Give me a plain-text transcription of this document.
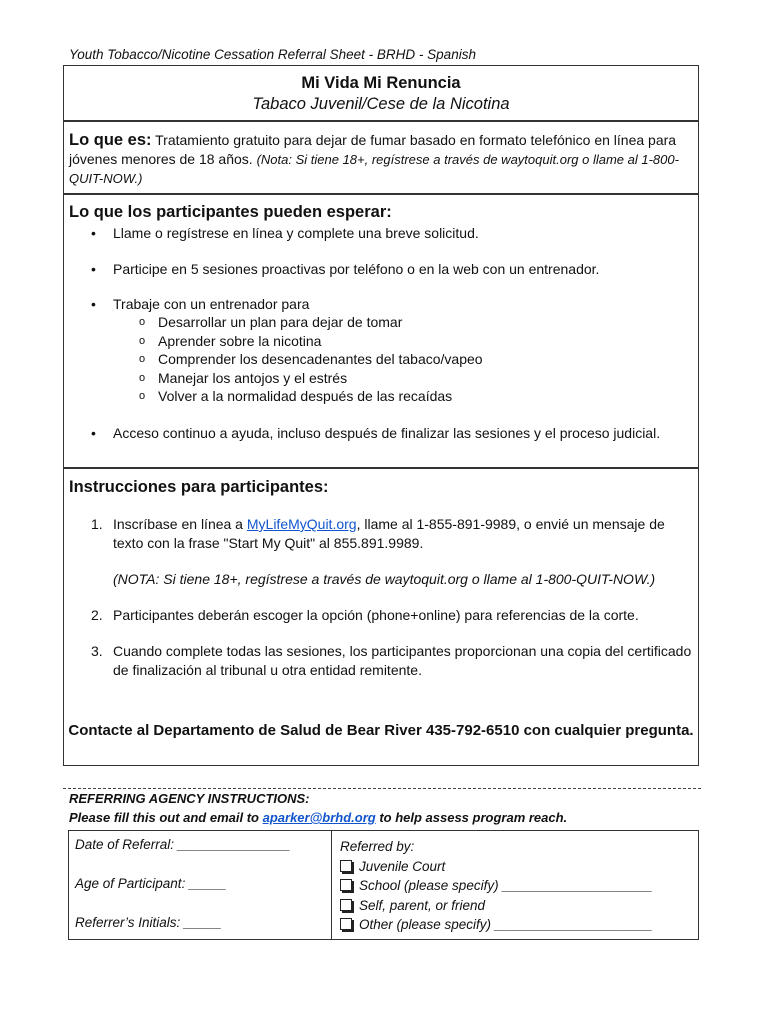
Youth Tobacco/Nicotine Cessation Referral Sheet - BRHD - Spanish
Mi Vida Mi Renuncia
Tabaco Juvenil/Cese de la Nicotina
Lo que es: Tratamiento gratuito para dejar de fumar basado en formato telefónico en línea para jóvenes menores de 18 años. (Nota: Si tiene 18+, regístrese a través de waytoquit.org o llame al 1-800-QUIT-NOW.)
Lo que los participantes pueden esperar:
• Llame o regístrese en línea y complete una breve solicitud.
• Participe en 5 sesiones proactivas por teléfono o en la web con un entrenador.
• Trabaje con un entrenador para
o Desarrollar un plan para dejar de tomar
o Aprender sobre la nicotina
o Comprender los desencadenantes del tabaco/vapeo
o Manejar los antojos y el estrés
o Volver a la normalidad después de las recaídas
• Acceso continuo a ayuda, incluso después de finalizar las sesiones y el proceso judicial.
Instrucciones para participantes:
1. Inscríbase en línea a MyLifeMyQuit.org, llame al 1-855-891-9989, o envié un mensaje de texto con la frase "Start My Quit" al 855.891.9989.
(NOTA: Si tiene 18+, regístrese a través de waytoquit.org o llame al 1-800-QUIT-NOW.)
2. Participantes deberán escoger la opción (phone+online) para referencias de la corte.
3. Cuando complete todas las sesiones, los participantes proporcionan una copia del certificado de finalización al tribunal u otra entidad remitente.
Contacte al Departamento de Salud de Bear River 435-792-6510 con cualquier pregunta.
REFERRING AGENCY INSTRUCTIONS:
Please fill this out and email to aparker@brhd.org to help assess program reach.
Date of Referral: _______________
Age of Participant: _____
Referrer’s Initials: _____
Referred by:
Juvenile Court
School (please specify) ____________________
Self, parent, or friend
Other (please specify) _____________________
